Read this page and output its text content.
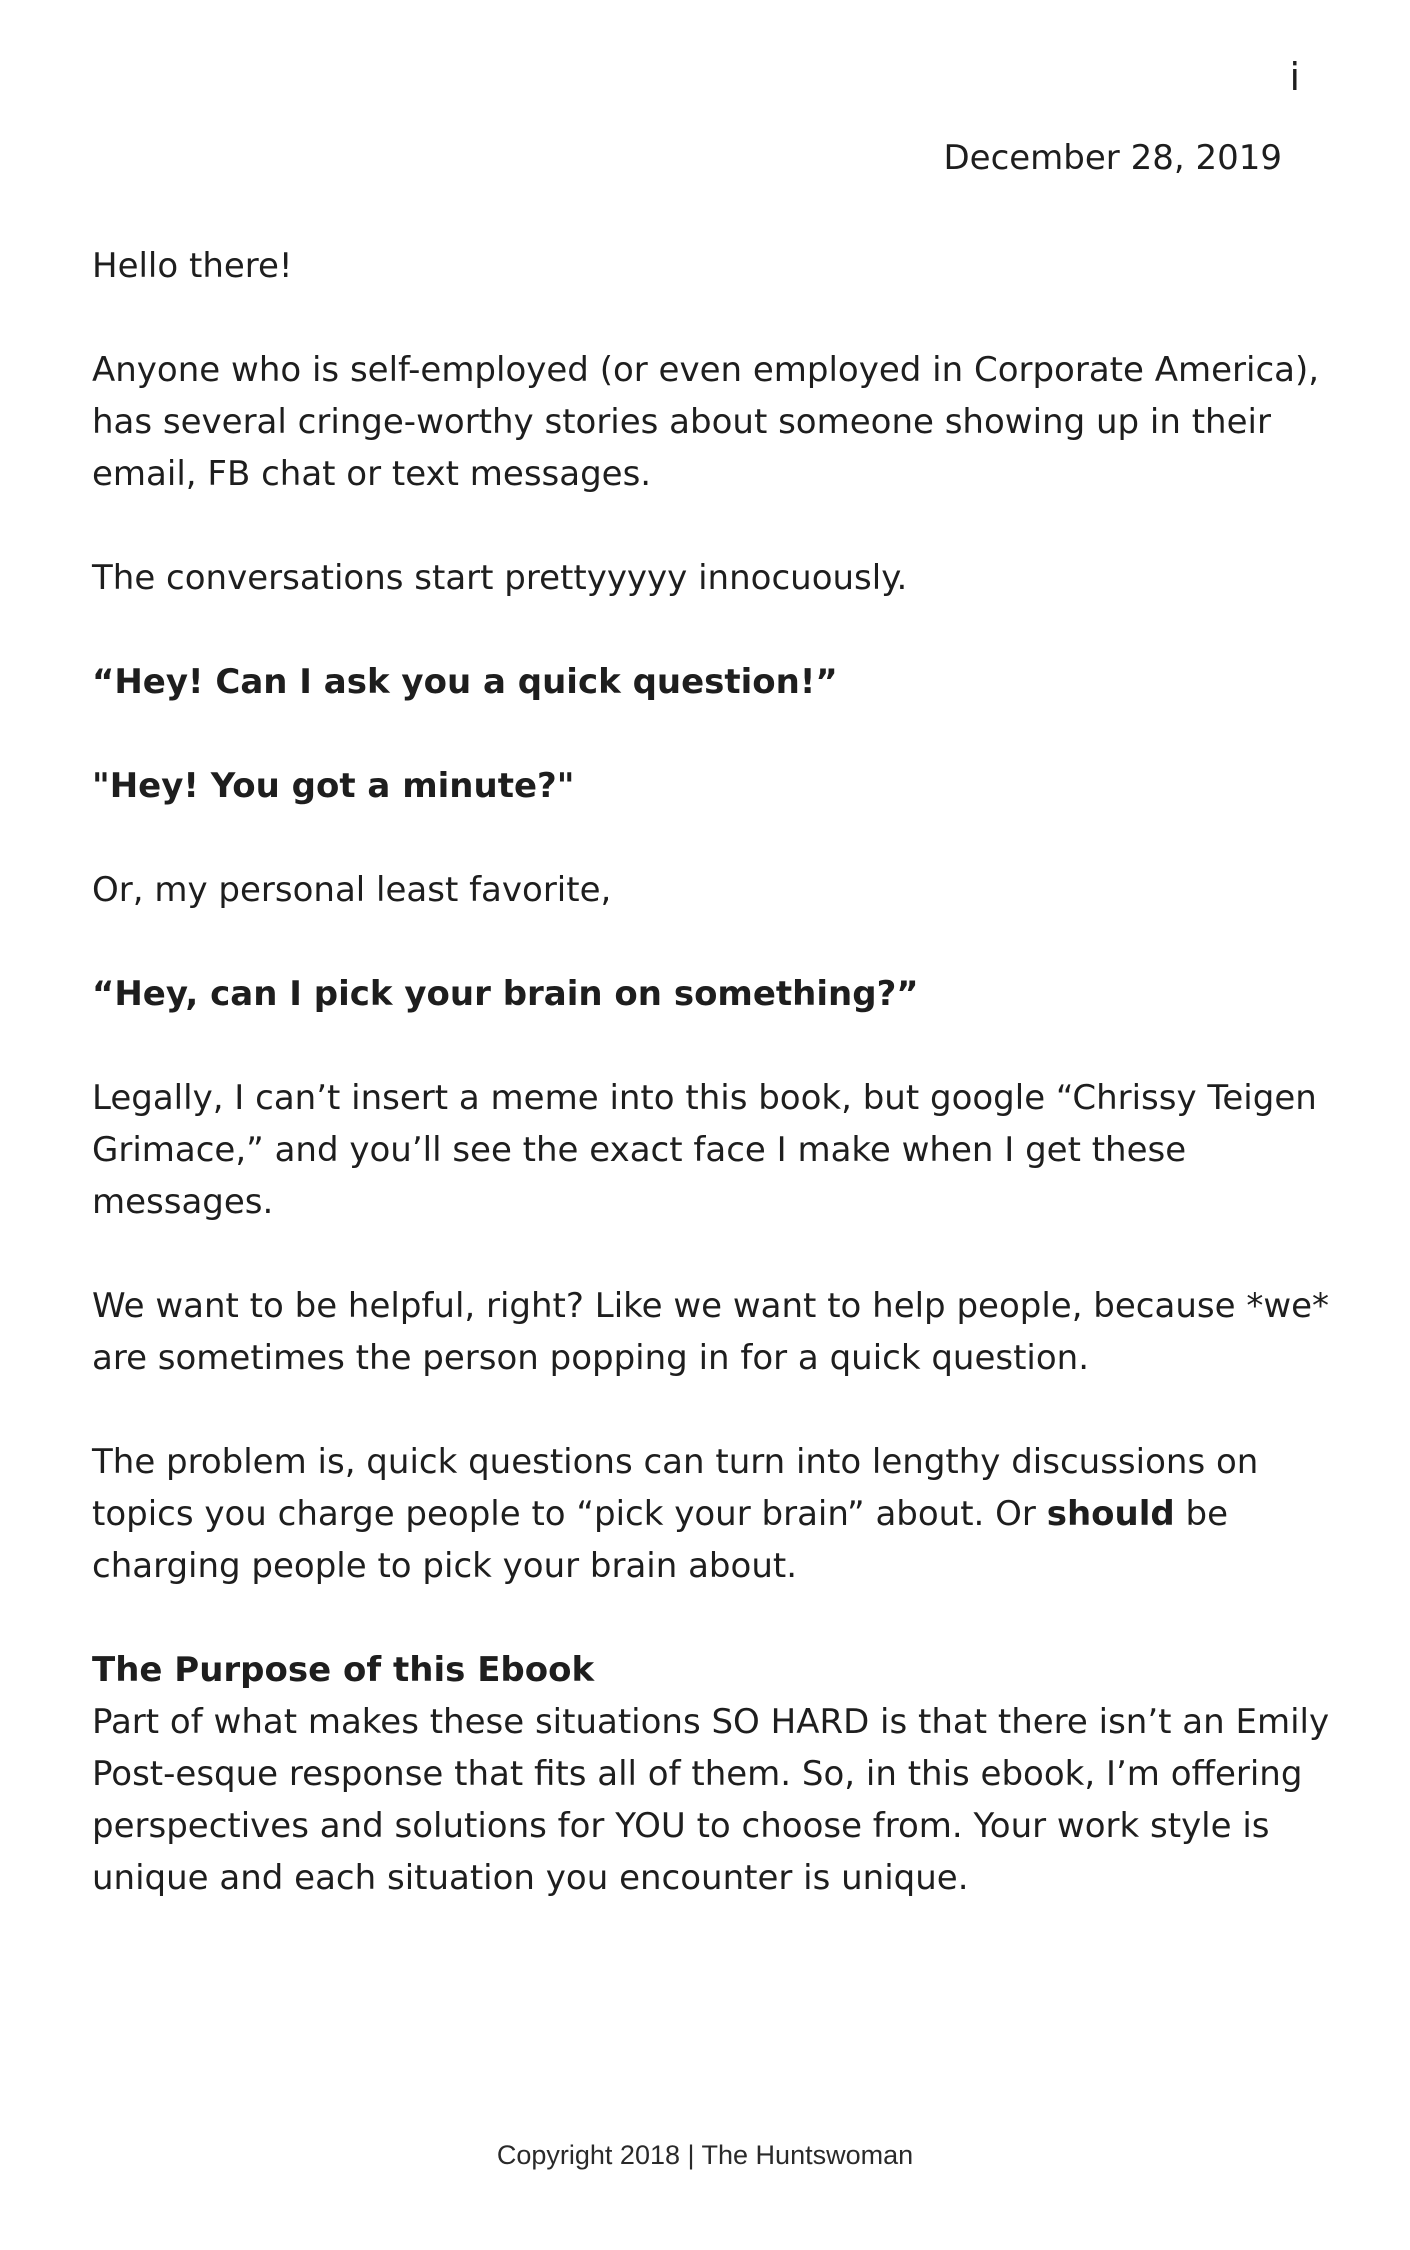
i
December 28, 2019

Hello there!

Anyone who is self-employed (or even employed in Corporate America), has several cringe-worthy stories about someone showing up in their email, FB chat or text messages.

The conversations start prettyyyyy innocuously.

“Hey! Can I ask you a quick question!”

"Hey! You got a minute?"

Or, my personal least favorite,

“Hey, can I pick your brain on something?”

Legally, I can’t insert a meme into this book, but google “Chrissy Teigen Grimace,” and you’ll see the exact face I make when I get these messages.

We want to be helpful, right? Like we want to help people, because *we* are sometimes the person popping in for a quick question.

The problem is, quick questions can turn into lengthy discussions on topics you charge people to “pick your brain” about. Or should be charging people to pick your brain about.

The Purpose of this Ebook
Part of what makes these situations SO HARD is that there isn’t an Emily Post-esque response that fits all of them. So, in this ebook, I’m offering perspectives and solutions for YOU to choose from. Your work style is unique and each situation you encounter is unique.

Copyright 2018 | The Huntswoman
